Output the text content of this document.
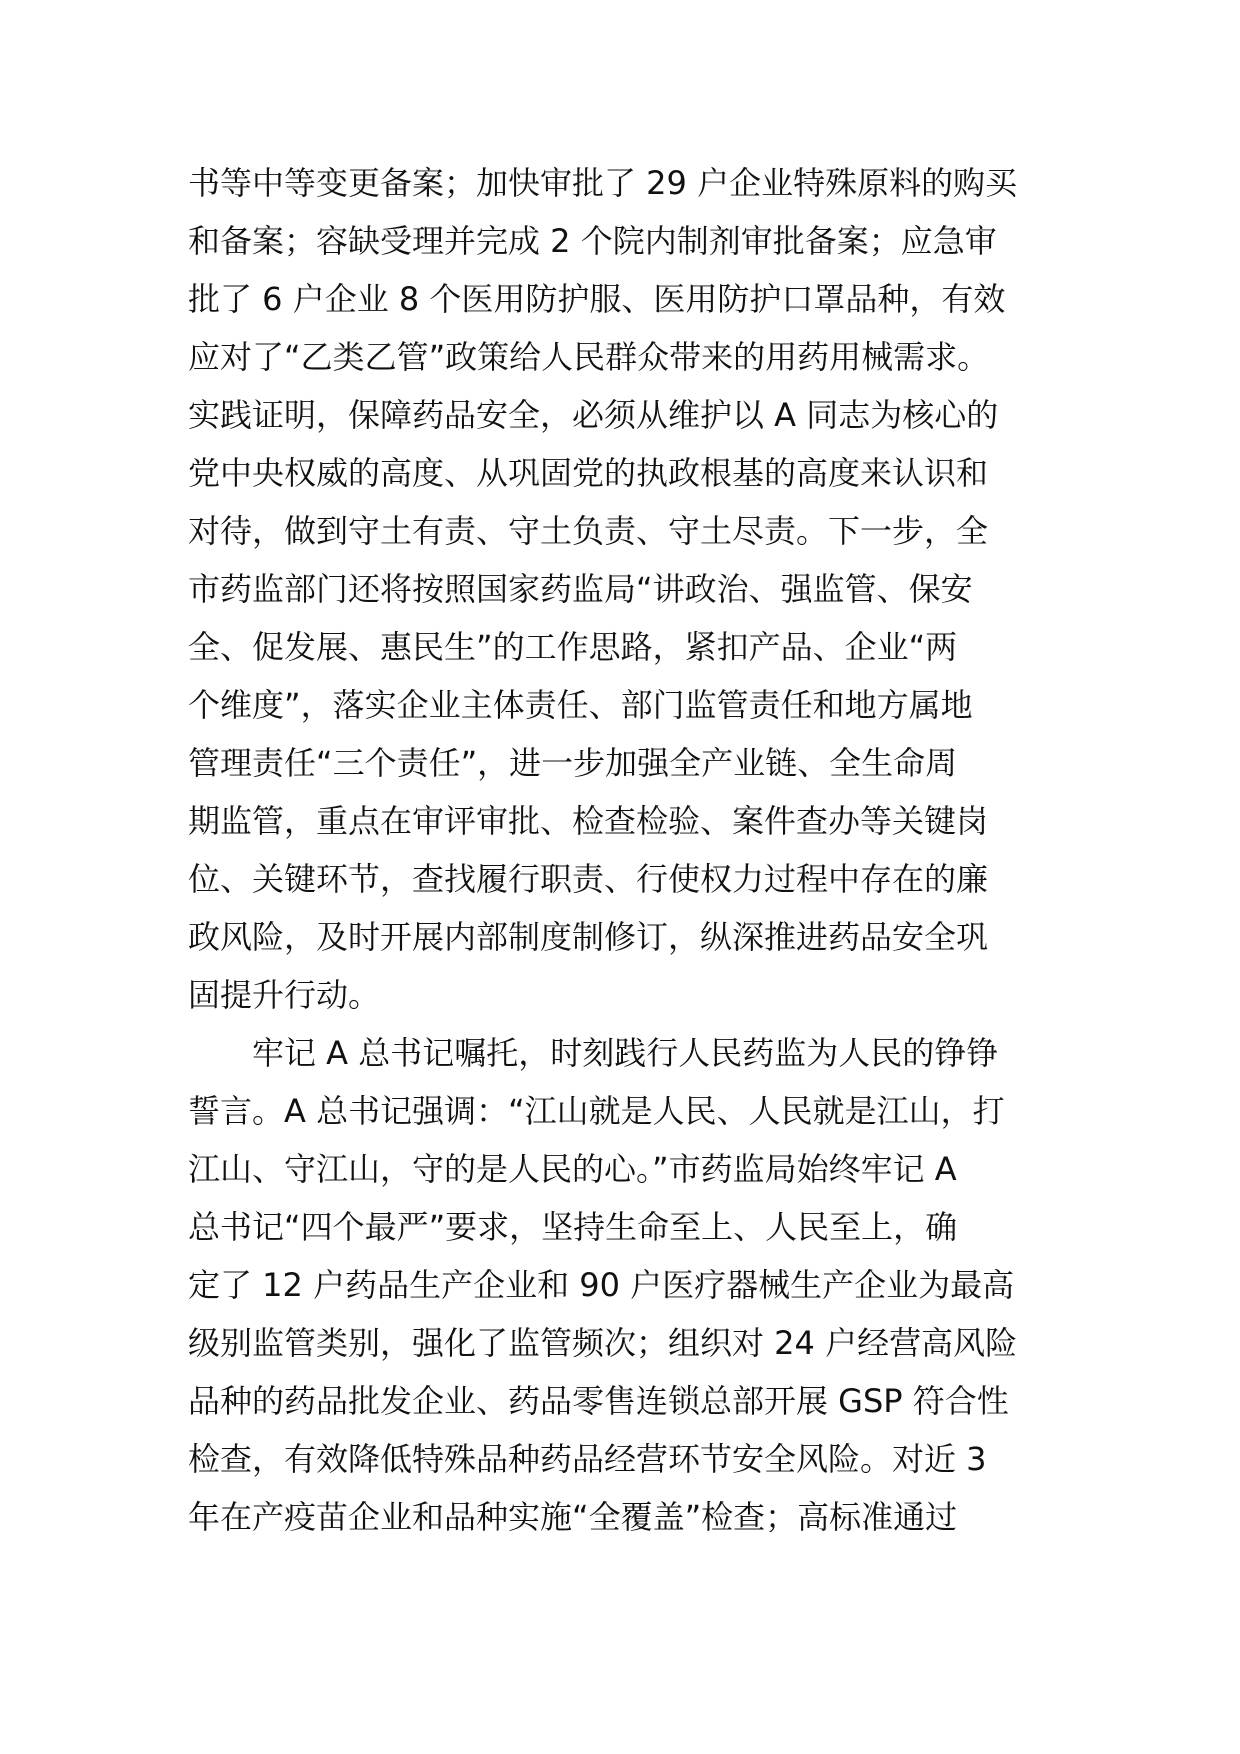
书等中等变更备案；加快审批了 29 户企业特殊原料的购买
和备案；容缺受理并完成 2 个院内制剂审批备案；应急审
批了 6 户企业 8 个医用防护服、医用防护口罩品种，有效
应对了“乙类乙管”政策给人民群众带来的用药用械需求。
实践证明，保障药品安全，必须从维护以 A 同志为核心的
党中央权威的高度、从巩固党的执政根基的高度来认识和
对待，做到守土有责、守土负责、守土尽责。下一步，全
市药监部门还将按照国家药监局“讲政治、强监管、保安
全、促发展、惠民生”的工作思路，紧扣产品、企业“两
个维度”，落实企业主体责任、部门监管责任和地方属地
管理责任“三个责任”，进一步加强全产业链、全生命周
期监管，重点在审评审批、检查检验、案件查办等关键岗
位、关键环节，查找履行职责、行使权力过程中存在的廉
政风险，及时开展内部制度制修订，纵深推进药品安全巩
固提升行动。
牢记 A 总书记嘱托，时刻践行人民药监为人民的铮铮
誓言。A 总书记强调：“江山就是人民、人民就是江山，打
江山、守江山，守的是人民的心。”市药监局始终牢记 A
总书记“四个最严”要求，坚持生命至上、人民至上，确
定了 12 户药品生产企业和 90 户医疗器械生产企业为最高
级别监管类别，强化了监管频次；组织对 24 户经营高风险
品种的药品批发企业、药品零售连锁总部开展 GSP 符合性
检查，有效降低特殊品种药品经营环节安全风险。对近 3
年在产疫苗企业和品种实施“全覆盖”检查；高标准通过
